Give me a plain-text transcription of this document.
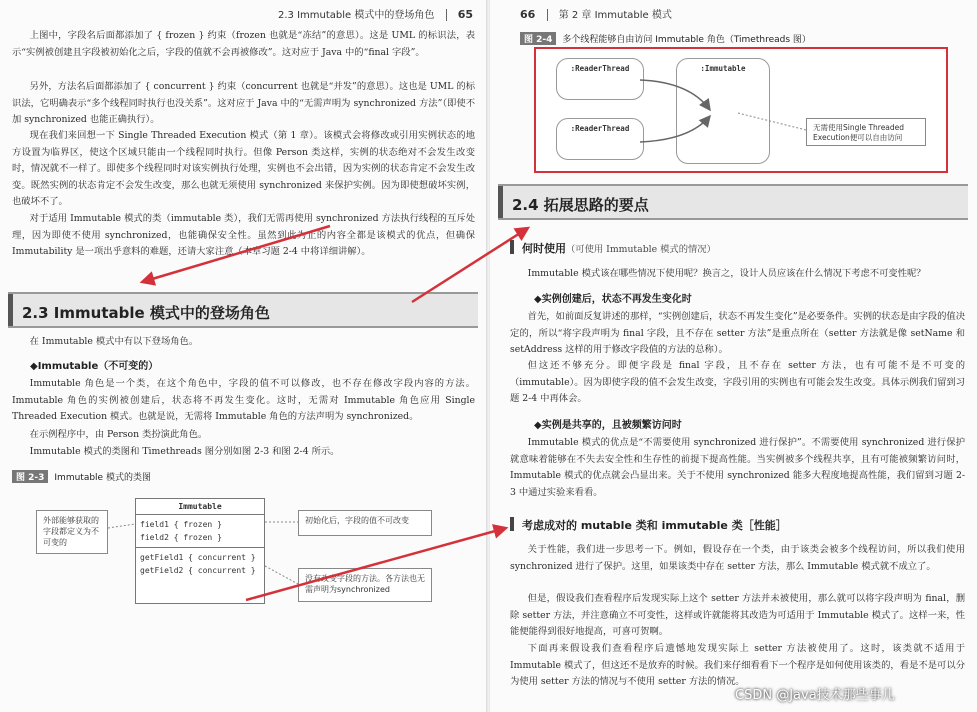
2.3 Immutable 模式中的登场角色 65

上图中，字段名后面都添加了 { frozen } 约束（frozen 也就是“冻结”的意思）。这是 UML 的标识法，表示“实例被创建且字段被初始化之后，字段的值就不会再被修改”。这对应于 Java 中的“final 字段”。

另外，方法名后面都添加了 { concurrent } 约束（concurrent 也就是“并发”的意思）。这也是 UML 的标识法，它明确表示“多个线程同时执行也没关系”。这对应于 Java 中的“无需声明为 synchronized 方法”（即使不加 synchronized 也能正确执行）。

现在我们来回想一下 Single Threaded Execution 模式（第 1 章）。该模式会将修改或引用实例状态的地方设置为临界区，使这个区域只能由一个线程同时执行。但像 Person 类这样，实例的状态绝对不会发生改变时，情况就不一样了。即使多个线程同时对该实例执行处理，实例也不会出错，因为实例的状态肯定不会发生改变。既然实例的状态肯定不会发生改变，那么也就无须使用 synchronized 来保护实例。因为即使想破坏实例，也破坏不了。

对于适用 Immutable 模式的类（immutable 类），我们无需再使用 synchronized 方法执行线程的互斥处理，因为即使不使用 synchronized，也能确保安全性。虽然到此为止的内容全都是该模式的优点，但确保 Immutability 是一项出乎意料的难题，还请大家注意（本章习题 2-4 中将详细讲解）。

2.3 Immutable 模式中的登场角色

在 Immutable 模式中有以下登场角色。

◆Immutable（不可变的）

Immutable 角色是一个类，在这个角色中，字段的值不可以修改，也不存在修改字段内容的方法。Immutable 角色的实例被创建后，状态将不再发生变化。这时，无需对 Immutable 角色应用 Single Threaded Execution 模式。也就是说，无需将 Immutable 角色的方法声明为 synchronized。

在示例程序中，由 Person 类扮演此角色。

Immutable 模式的类图和 Timethreads 图分别如图 2-3 和图 2-4 所示。

图 2-3 Immutable 模式的类图
Immutable
field1 { frozen }
field2 { frozen }
getField1 { concurrent }
getField2 { concurrent }
外部能够获取的字段都定义为不可变的
初始化后，字段的值不可改变
没有改变字段的方法。各方法也无需声明为synchronized
66 第 2 章 Immutable 模式
图 2-4 多个线程能够自由访问 Immutable 角色（Timethreads 图）
2.4 拓展思路的要点
何时使用（可使用 Immutable 模式的情况）

Immutable 模式该在哪些情况下使用呢？换言之，设计人员应该在什么情况下考虑不可变性呢？

◆实例创建后，状态不再发生变化时

首先，如前面反复讲述的那样，“实例创建后，状态不再发生变化”是必要条件。实例的状态是由字段的值决定的，所以“将字段声明为 final 字段，且不存在 setter 方法”是重点所在（setter 方法就是像 setName 和 setAddress 这样的用于修改字段值的方法的总称）。

但这还不够充分。即便字段是 final 字段，且不存在 setter 方法，也有可能不是不可变的（immutable）。因为即使字段的值不会发生改变，字段引用的实例也有可能会发生改变。具体示例我们留到习题 2-4 中再体会。

◆实例是共享的，且被频繁访问时

Immutable 模式的优点是“不需要使用 synchronized 进行保护”。不需要使用 synchronized 进行保护就意味着能够在不失去安全性和生存性的前提下提高性能。当实例被多个线程共享，且有可能被频繁访问时，Immutable 模式的优点就会凸显出来。关于不使用 synchronized 能多大程度地提高性能，我们留到习题 2-3 中通过实验来看看。

考虑成对的 mutable 类和 immutable 类［性能］

关于性能，我们进一步思考一下。例如，假设存在一个类，由于该类会被多个线程访问，所以我们使用 synchronized 进行了保护。这里，如果该类中存在 setter 方法，那么 Immutable 模式就不成立了。

但是，假设我们查看程序后发现实际上这个 setter 方法并未被使用，那么就可以将字段声明为 final，删除 setter 方法，并注意确立不可变性，这样或许就能将其改造为可适用于 Immutable 模式了。这样一来，性能便能得到很好地提高，可喜可贺啊。

下面再来假设我们查看程序后遗憾地发现实际上 setter 方法被使用了。这时，该类就不适用于 Immutable 模式了，但这还不是放弃的时候。我们来仔细看看下一个程序是如何使用该类的，看是不是可以分为使用 setter 方法的情况与不使用 setter 方法的情况。

:ReaderThread
:ReaderThread
:Immutable
无需使用Single Threaded Execution便可以自由访问
CSDN @Java技术那些事儿
